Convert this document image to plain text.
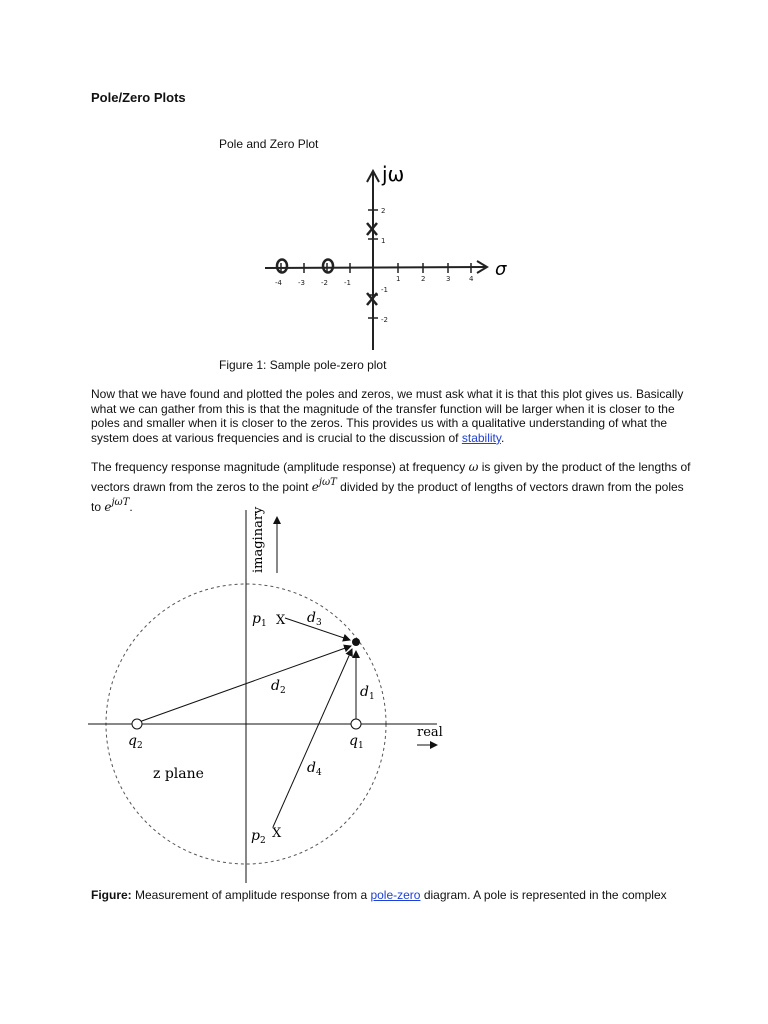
Pole/Zero Plots
Pole and Zero Plot
σ
jω
-4 -3 -2 -1	1	2	3	4
2
1
-1
-2
Figure 1: Sample pole-zero plot
Now that we have found and plotted the poles and zeros, we must ask what it is that this plot gives us. Basically what we can gather from this is that the magnitude of the transfer function will be larger when it is closer to the poles and smaller when it is closer to the zeros. This provides us with a qualitative understanding of what the system does at various frequencies and is crucial to the discussion of stability.
The frequency response magnitude (amplitude response) at frequency ω is given by the product of the lengths of vectors drawn from the zeros to the point $e^{j\omega T}$ divided by the product of lengths of vectors drawn from the poles to $e^{j\omega T}$.	imaginary
real
X
X
$p_1$
$p_2$
$q_1$
$q_2$
$d_1$
$d_2$
$d_3$
$d_4$
z plane
Figure: Measurement of amplitude response from a pole-zero diagram. A pole is represented in the complex
